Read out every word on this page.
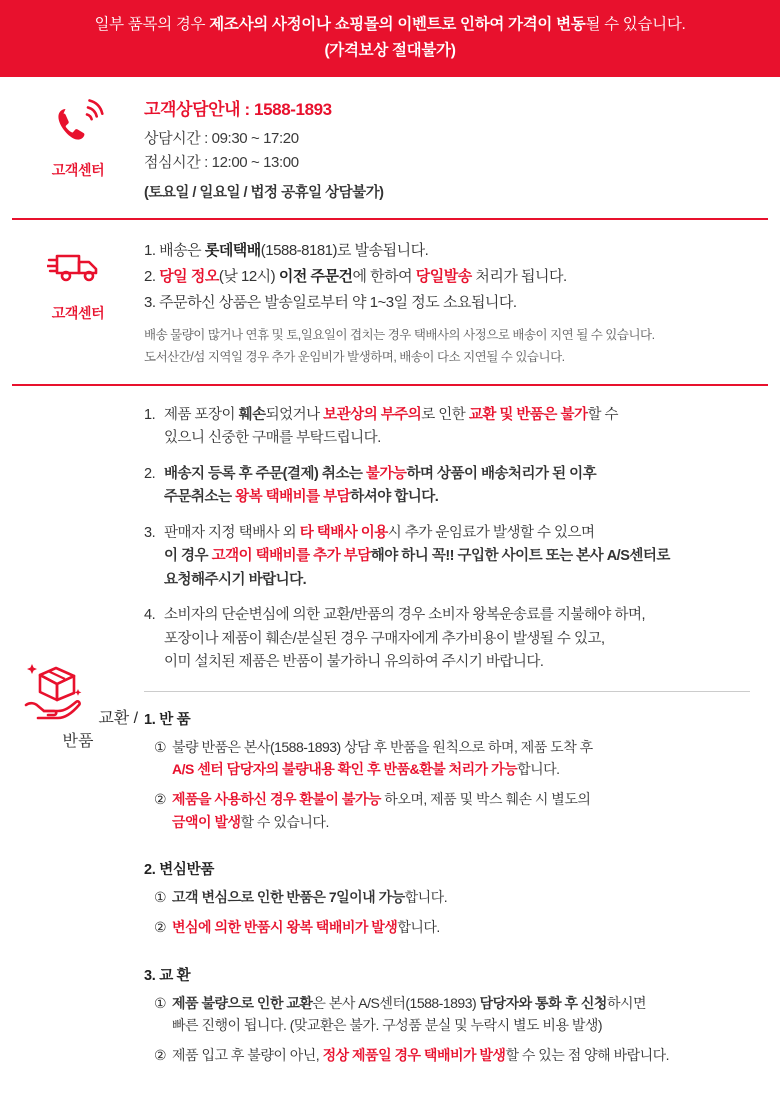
일부 품목의 경우 제조사의 사정이나 쇼핑몰의 이벤트로 인하여 가격이 변동될 수 있습니다.
(가격보상 절대불가)
고객센터
고객상담안내 : 1588-1893
상담시간 : 09:30 ~ 17:20
점심시간 : 12:00 ~ 13:00
(토요일 / 일요일 / 법정 공휴일 상담불가)
고객센터
1. 배송은 롯데택배(1588-8181)로 발송됩니다.
2. 당일 정오(낮 12시) 이전 주문건에 한하여 당일발송 처리가 됩니다.
3. 주문하신 상품은 발송일로부터 약 1~3일 정도 소요됩니다.
배송 물량이 많거나 연휴 및 토,일요일이 겹치는 경우 택배사의 사정으로 배송이 지연 될 수 있습니다.
도서산간/섬 지역일 경우 추가 운임비가 발생하며, 배송이 다소 지연될 수 있습니다.
교환 / 반품
1. 제품 포장이 훼손되었거나 보관상의 부주의로 인한 교환 및 반품은 불가할 수
있으니 신중한 구매를 부탁드립니다.
2. 배송지 등록 후 주문(결제) 취소는 불가능하며 상품이 배송처리가 된 이후
주문취소는 왕복 택배비를 부담하셔야 합니다.
3. 판매자 지정 택배사 외 타 택배사 이용시 추가 운임료가 발생할 수 있으며
이 경우 고객이 택배비를 추가 부담해야 하니 꼭!! 구입한 사이트 또는 본사 A/S센터로
요청해주시기 바랍니다.
4. 소비자의 단순변심에 의한 교환/반품의 경우 소비자 왕복운송료를 지불해야 하며,
포장이나 제품이 훼손/분실된 경우 구매자에게 추가비용이 발생될 수 있고,
이미 설치된 제품은 반품이 불가하니 유의하여 주시기 바랍니다.
1. 반 품
① 불량 반품은 본사(1588-1893) 상담 후 반품을 원칙으로 하며, 제품 도착 후
A/S 센터 담당자의 불량내용 확인 후 반품&환불 처리가 가능합니다.
② 제품을 사용하신 경우 환불이 불가능 하오며, 제품 및 박스 훼손 시 별도의
금액이 발생할 수 있습니다.
2. 변심반품
① 고객 변심으로 인한 반품은 7일이내 가능합니다.
② 변심에 의한 반품시 왕복 택배비가 발생합니다.
3. 교 환
① 제품 불량으로 인한 교환은 본사 A/S센터(1588-1893) 담당자와 통화 후 신청하시면
빠른 진행이 됩니다. (맞교환은 불가. 구성품 분실 및 누락시 별도 비용 발생)
② 제품 입고 후 불량이 아닌, 정상 제품일 경우 택배비가 발생할 수 있는 점 양해 바랍니다.
